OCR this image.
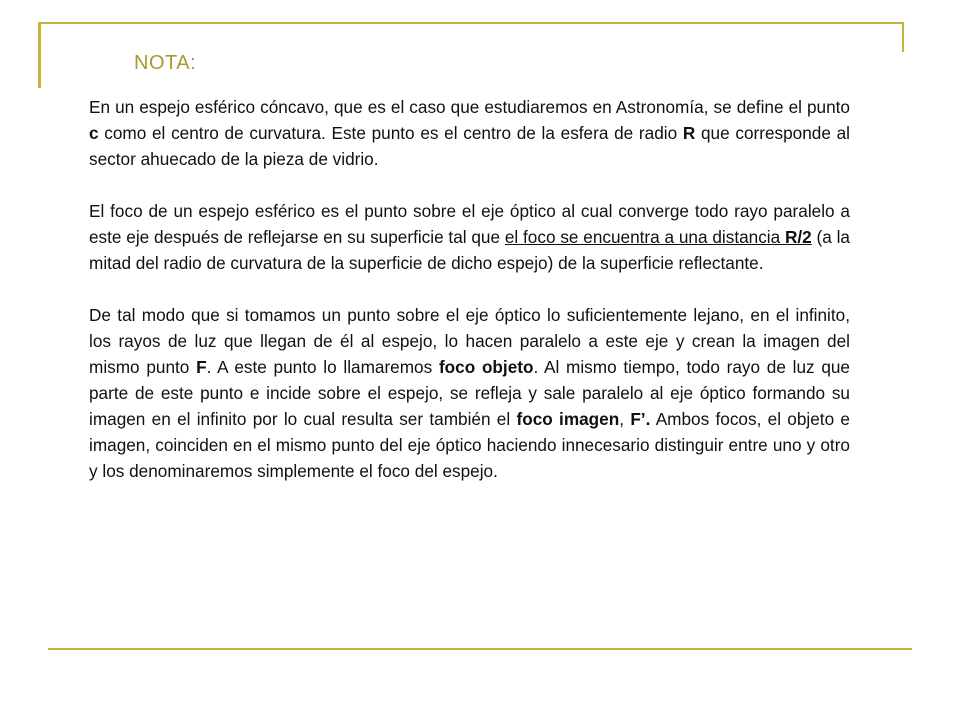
NOTA:

En un espejo esférico cóncavo, que es el caso que estudiaremos en Astronomía, se define el punto c como el centro de curvatura. Este punto es el centro de la esfera de radio R que corresponde al sector ahuecado de la pieza de vidrio.

El foco de un espejo esférico es el punto sobre el eje óptico al cual converge todo rayo paralelo a este eje después de reflejarse en su superficie tal que el foco se encuentra a una distancia R/2 (a la mitad del radio de curvatura de la superficie de dicho espejo) de la superficie reflectante.

De tal modo que si tomamos un punto sobre el eje óptico lo suficientemente lejano, en el infinito, los rayos de luz que llegan de él al espejo, lo hacen paralelo a este eje y crean la imagen del mismo punto F. A este punto lo llamaremos foco objeto. Al mismo tiempo, todo rayo de luz que parte de este punto e incide sobre el espejo, se refleja y sale paralelo al eje óptico formando su imagen en el infinito por lo cual resulta ser también el foco imagen, F’. Ambos focos, el objeto e imagen, coinciden en el mismo punto del eje óptico haciendo innecesario distinguir entre uno y otro y los denominaremos simplemente el foco del espejo.
